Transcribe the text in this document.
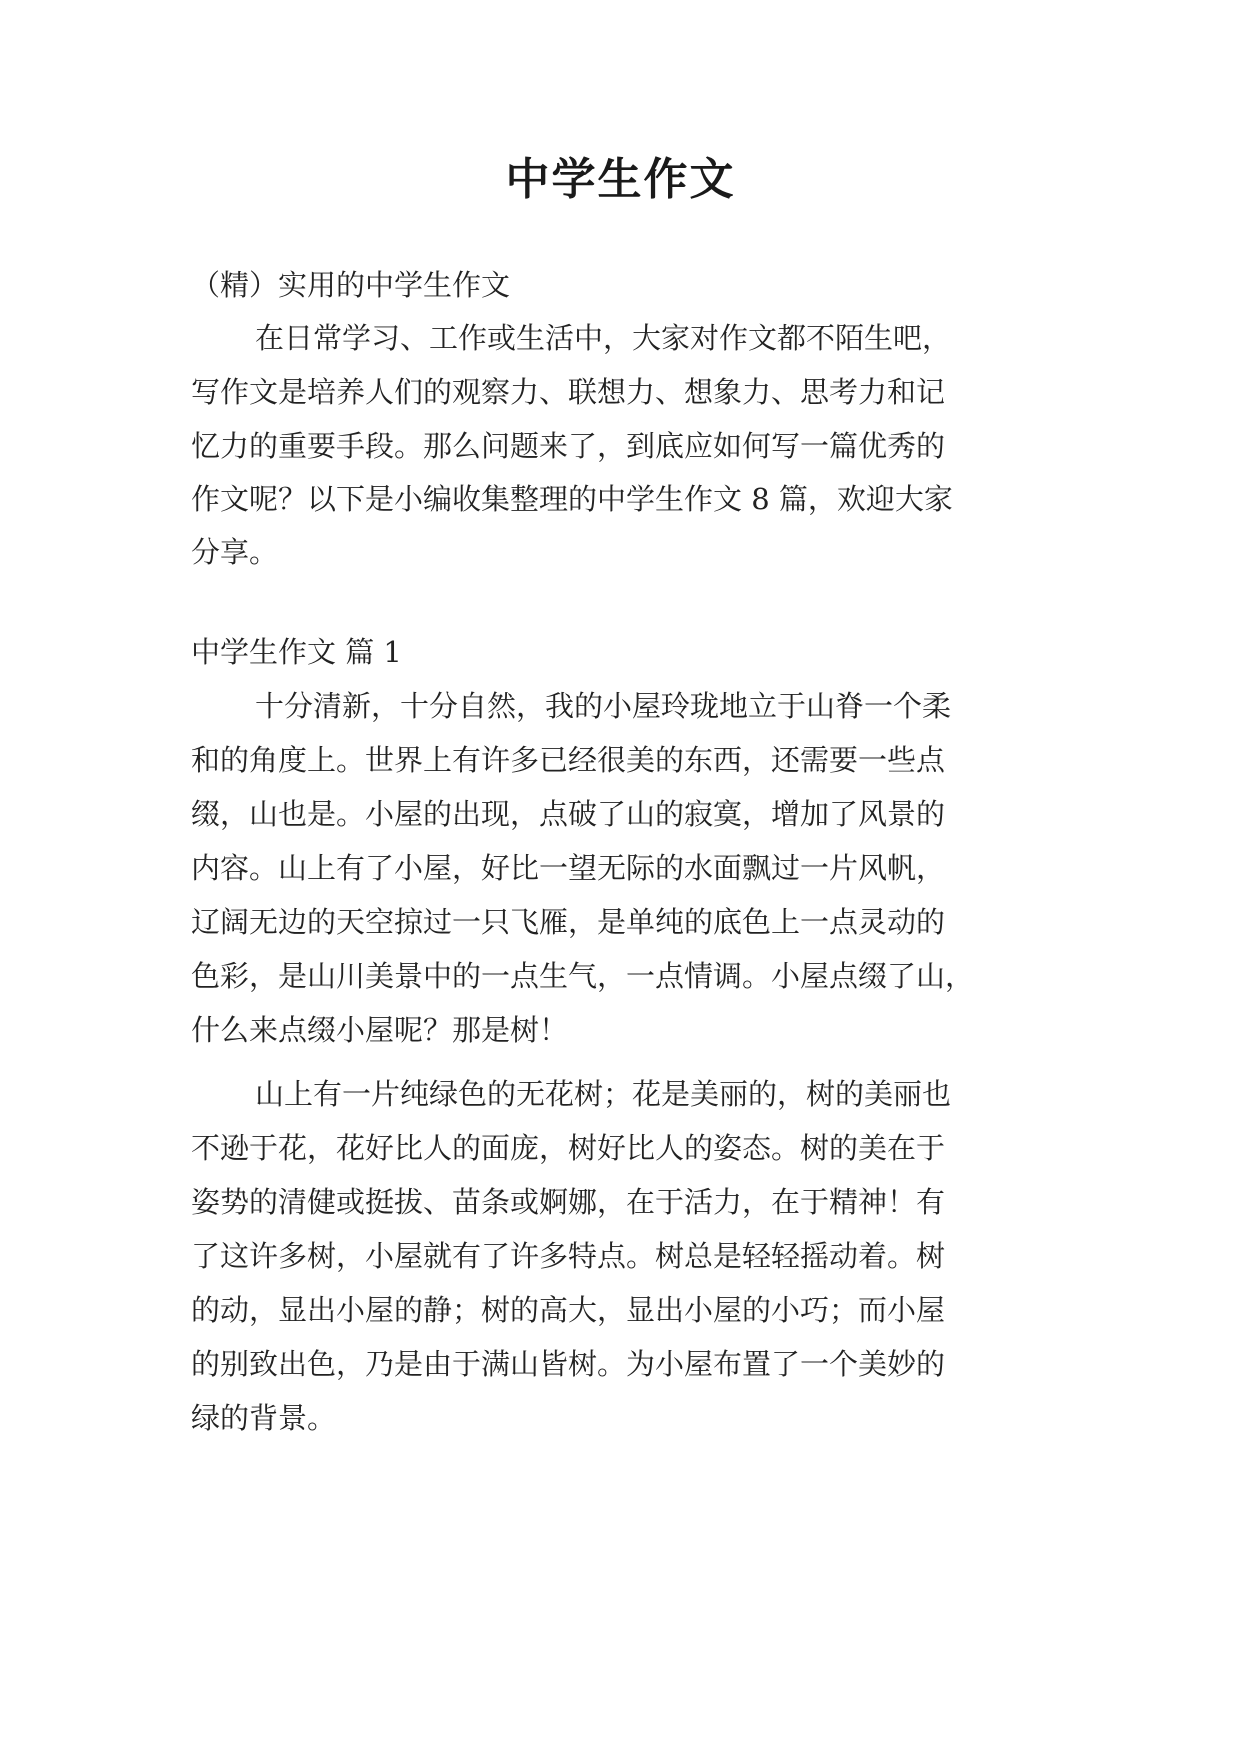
中学生作文
（精）实用的中学生作文
在日常学习、工作或生活中，大家对作文都不陌生吧，
写作文是培养人们的观察力、联想力、想象力、思考力和记
忆力的重要手段。那么问题来了，到底应如何写一篇优秀的
作文呢？以下是小编收集整理的中学生作文 8 篇，欢迎大家
分享。
中学生作文 篇 1
十分清新，十分自然，我的小屋玲珑地立于山脊一个柔
和的角度上。世界上有许多已经很美的东西，还需要一些点
缀，山也是。小屋的出现，点破了山的寂寞，增加了风景的
内容。山上有了小屋，好比一望无际的水面飘过一片风帆，
辽阔无边的天空掠过一只飞雁，是单纯的底色上一点灵动的
色彩，是山川美景中的一点生气，一点情调。小屋点缀了山，
什么来点缀小屋呢？那是树！
山上有一片纯绿色的无花树；花是美丽的，树的美丽也
不逊于花，花好比人的面庞，树好比人的姿态。树的美在于
姿势的清健或挺拔、苗条或婀娜，在于活力，在于精神！有
了这许多树，小屋就有了许多特点。树总是轻轻摇动着。树
的动，显出小屋的静；树的高大，显出小屋的小巧；而小屋
的别致出色，乃是由于满山皆树。为小屋布置了一个美妙的
绿的背景。
